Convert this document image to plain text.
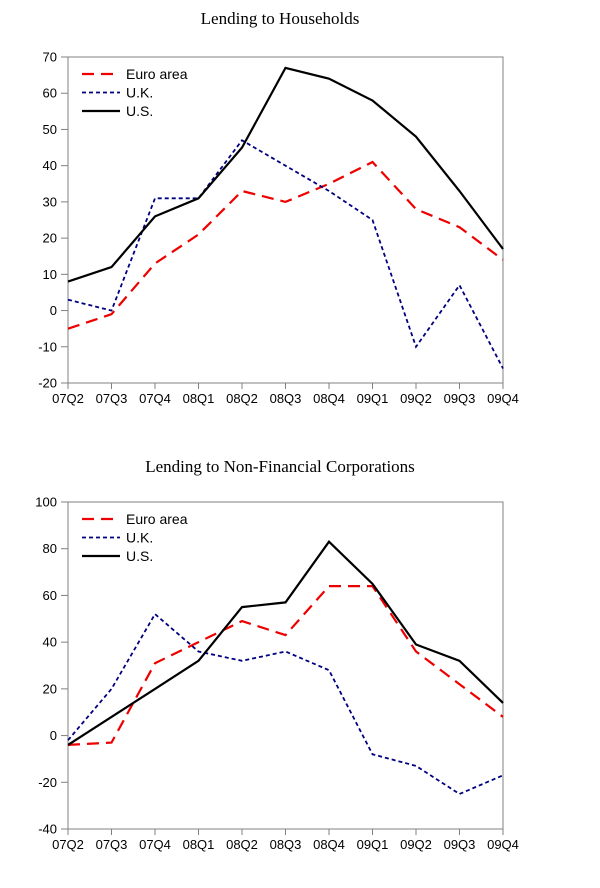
Lending to Households
-20
-10
0
10
20
30
40
50
60
70
07Q2 07Q3 07Q4 08Q1 08Q2 08Q3 08Q4 09Q1 09Q2 09Q3 09Q4
Euro area
U.K.
U.S.
Lending to Non-Financial Corporations
-40
-20
0
20
40
60
80
100
07Q2 07Q3 07Q4 08Q1 08Q2 08Q3 08Q4 09Q1 09Q2 09Q3 09Q4
Euro area
U.K.
U.S.
